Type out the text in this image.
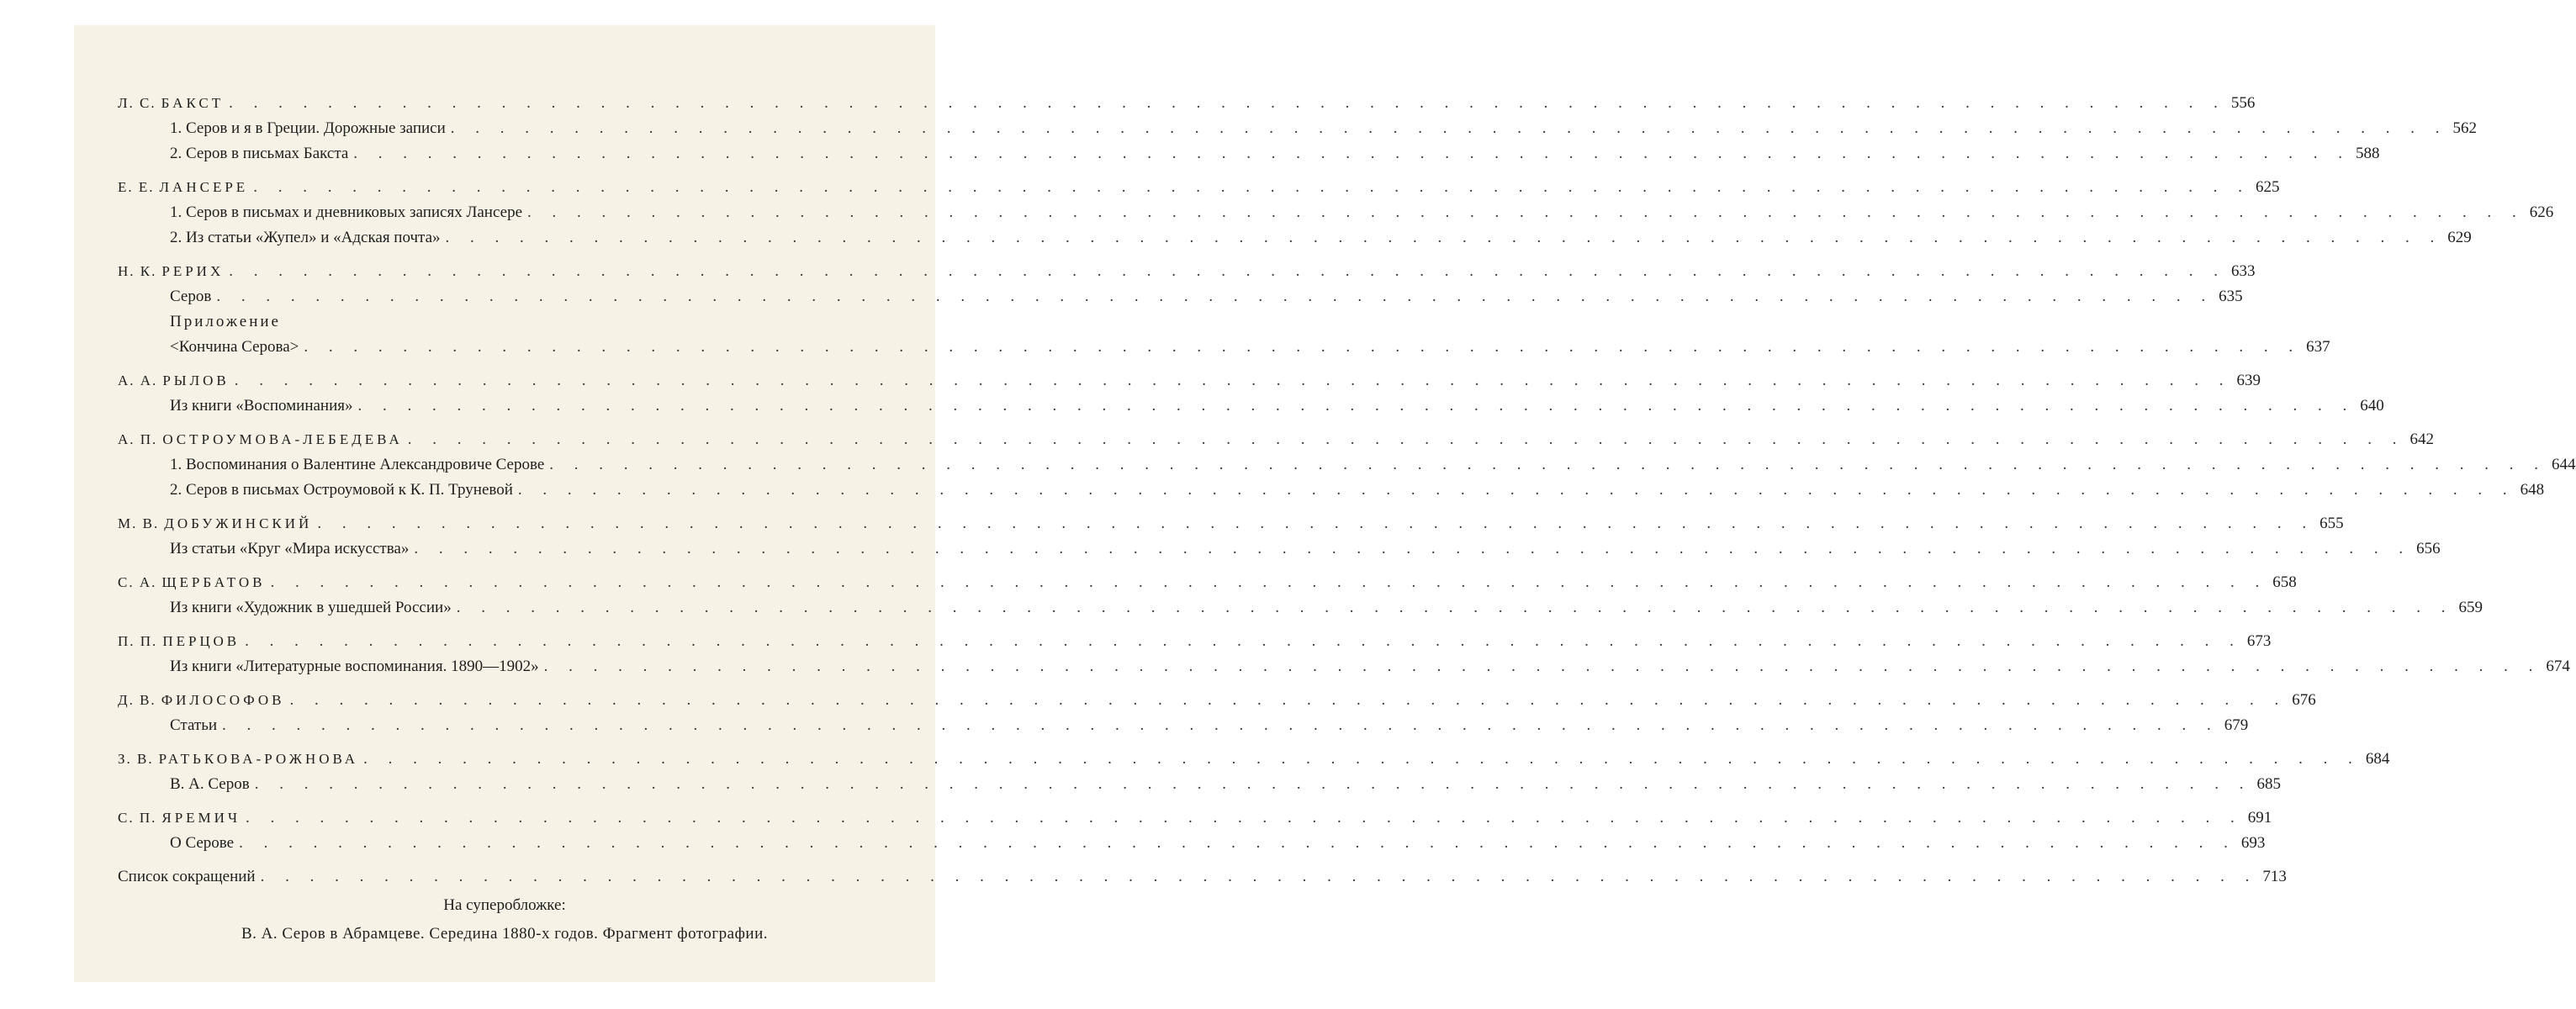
Л. С. БАКСТ . . . . . . . . . . . . . . . . . . . . . . . . . . . . . . . . . . . . . . . . . . . . . . . . . . . . . . . . . . . . . . . . . . . . . . . . . . . . . . . . . 556
1. Серов и я в Греции. Дорожные записи . . . . . . . . . . . . . . . . . . . . . . . . . . . . . . . . . . . . . . . . . . . . . . . . . . . . . . . . . . . . . . . . . . . . . . . . . . . . . . . . . 562
2. Серов в письмах Бакста . . . . . . . . . . . . . . . . . . . . . . . . . . . . . . . . . . . . . . . . . . . . . . . . . . . . . . . . . . . . . . . . . . . . . . . . . . . . . . . . . 588
Е. Е. ЛАНСЕРЕ . . . . . . . . . . . . . . . . . . . . . . . . . . . . . . . . . . . . . . . . . . . . . . . . . . . . . . . . . . . . . . . . . . . . . . . . . . . . . . . . . 625
1. Серов в письмах и дневниковых записях Лансере . . . . . . . . . . . . . . . . . . . . . . . . . . . . . . . . . . . . . . . . . . . . . . . . . . . . . . . . . . . . . . . . . . . . . . . . . . . . . . . . . 626
2. Из статьи «Жупел» и «Адская почта» . . . . . . . . . . . . . . . . . . . . . . . . . . . . . . . . . . . . . . . . . . . . . . . . . . . . . . . . . . . . . . . . . . . . . . . . . . . . . . . . . 629
Н. К. РЕРИХ . . . . . . . . . . . . . . . . . . . . . . . . . . . . . . . . . . . . . . . . . . . . . . . . . . . . . . . . . . . . . . . . . . . . . . . . . . . . . . . . . 633
Серов . . . . . . . . . . . . . . . . . . . . . . . . . . . . . . . . . . . . . . . . . . . . . . . . . . . . . . . . . . . . . . . . . . . . . . . . . . . . . . . . . 635
Приложение
<Кончина Серова> . . . . . . . . . . . . . . . . . . . . . . . . . . . . . . . . . . . . . . . . . . . . . . . . . . . . . . . . . . . . . . . . . . . . . . . . . . . . . . . . . 637
А. А. РЫЛОВ . . . . . . . . . . . . . . . . . . . . . . . . . . . . . . . . . . . . . . . . . . . . . . . . . . . . . . . . . . . . . . . . . . . . . . . . . . . . . . . . . 639
Из книги «Воспоминания» . . . . . . . . . . . . . . . . . . . . . . . . . . . . . . . . . . . . . . . . . . . . . . . . . . . . . . . . . . . . . . . . . . . . . . . . . . . . . . . . . 640
А. П. ОСТРОУМОВА-ЛЕБЕДЕВА . . . . . . . . . . . . . . . . . . . . . . . . . . . . . . . . . . . . . . . . . . . . . . . . . . . . . . . . . . . . . . . . . . . . . . . . . . . . . . . . . 642
1. Воспоминания о Валентине Александровиче Серове . . . . . . . . . . . . . . . . . . . . . . . . . . . . . . . . . . . . . . . . . . . . . . . . . . . . . . . . . . . . . . . . . . . . . . . . . . . . . . . . . 644
2. Серов в письмах Остроумовой к К. П. Труневой . . . . . . . . . . . . . . . . . . . . . . . . . . . . . . . . . . . . . . . . . . . . . . . . . . . . . . . . . . . . . . . . . . . . . . . . . . . . . . . . . 648
М. В. ДОБУЖИНСКИЙ . . . . . . . . . . . . . . . . . . . . . . . . . . . . . . . . . . . . . . . . . . . . . . . . . . . . . . . . . . . . . . . . . . . . . . . . . . . . . . . . . 655
Из статьи «Круг «Мира искусства» . . . . . . . . . . . . . . . . . . . . . . . . . . . . . . . . . . . . . . . . . . . . . . . . . . . . . . . . . . . . . . . . . . . . . . . . . . . . . . . . . 656
С. А. ЩЕРБАТОВ . . . . . . . . . . . . . . . . . . . . . . . . . . . . . . . . . . . . . . . . . . . . . . . . . . . . . . . . . . . . . . . . . . . . . . . . . . . . . . . . . 658
Из книги «Художник в ушедшей России» . . . . . . . . . . . . . . . . . . . . . . . . . . . . . . . . . . . . . . . . . . . . . . . . . . . . . . . . . . . . . . . . . . . . . . . . . . . . . . . . . 659
П. П. ПЕРЦОВ . . . . . . . . . . . . . . . . . . . . . . . . . . . . . . . . . . . . . . . . . . . . . . . . . . . . . . . . . . . . . . . . . . . . . . . . . . . . . . . . . 673
Из книги «Литературные воспоминания. 1890—1902» . . . . . . . . . . . . . . . . . . . . . . . . . . . . . . . . . . . . . . . . . . . . . . . . . . . . . . . . . . . . . . . . . . . . . . . . . . . . . . . . . 674
Д. В. ФИЛОСОФОВ . . . . . . . . . . . . . . . . . . . . . . . . . . . . . . . . . . . . . . . . . . . . . . . . . . . . . . . . . . . . . . . . . . . . . . . . . . . . . . . . . 676
Статьи . . . . . . . . . . . . . . . . . . . . . . . . . . . . . . . . . . . . . . . . . . . . . . . . . . . . . . . . . . . . . . . . . . . . . . . . . . . . . . . . . 679
З. В. РАТЬКОВА-РОЖНОВА . . . . . . . . . . . . . . . . . . . . . . . . . . . . . . . . . . . . . . . . . . . . . . . . . . . . . . . . . . . . . . . . . . . . . . . . . . . . . . . . . 684
В. А. Серов . . . . . . . . . . . . . . . . . . . . . . . . . . . . . . . . . . . . . . . . . . . . . . . . . . . . . . . . . . . . . . . . . . . . . . . . . . . . . . . . . 685
С. П. ЯРЕМИЧ . . . . . . . . . . . . . . . . . . . . . . . . . . . . . . . . . . . . . . . . . . . . . . . . . . . . . . . . . . . . . . . . . . . . . . . . . . . . . . . . . 691
О Серове . . . . . . . . . . . . . . . . . . . . . . . . . . . . . . . . . . . . . . . . . . . . . . . . . . . . . . . . . . . . . . . . . . . . . . . . . . . . . . . . . 693
Список сокращений . . . . . . . . . . . . . . . . . . . . . . . . . . . . . . . . . . . . . . . . . . . . . . . . . . . . . . . . . . . . . . . . . . . . . . . . . . . . . . . . . 713
На суперобложке:
В. А. Серов в Абрамцеве. Середина 1880-х годов. Фрагмент фотографии.
